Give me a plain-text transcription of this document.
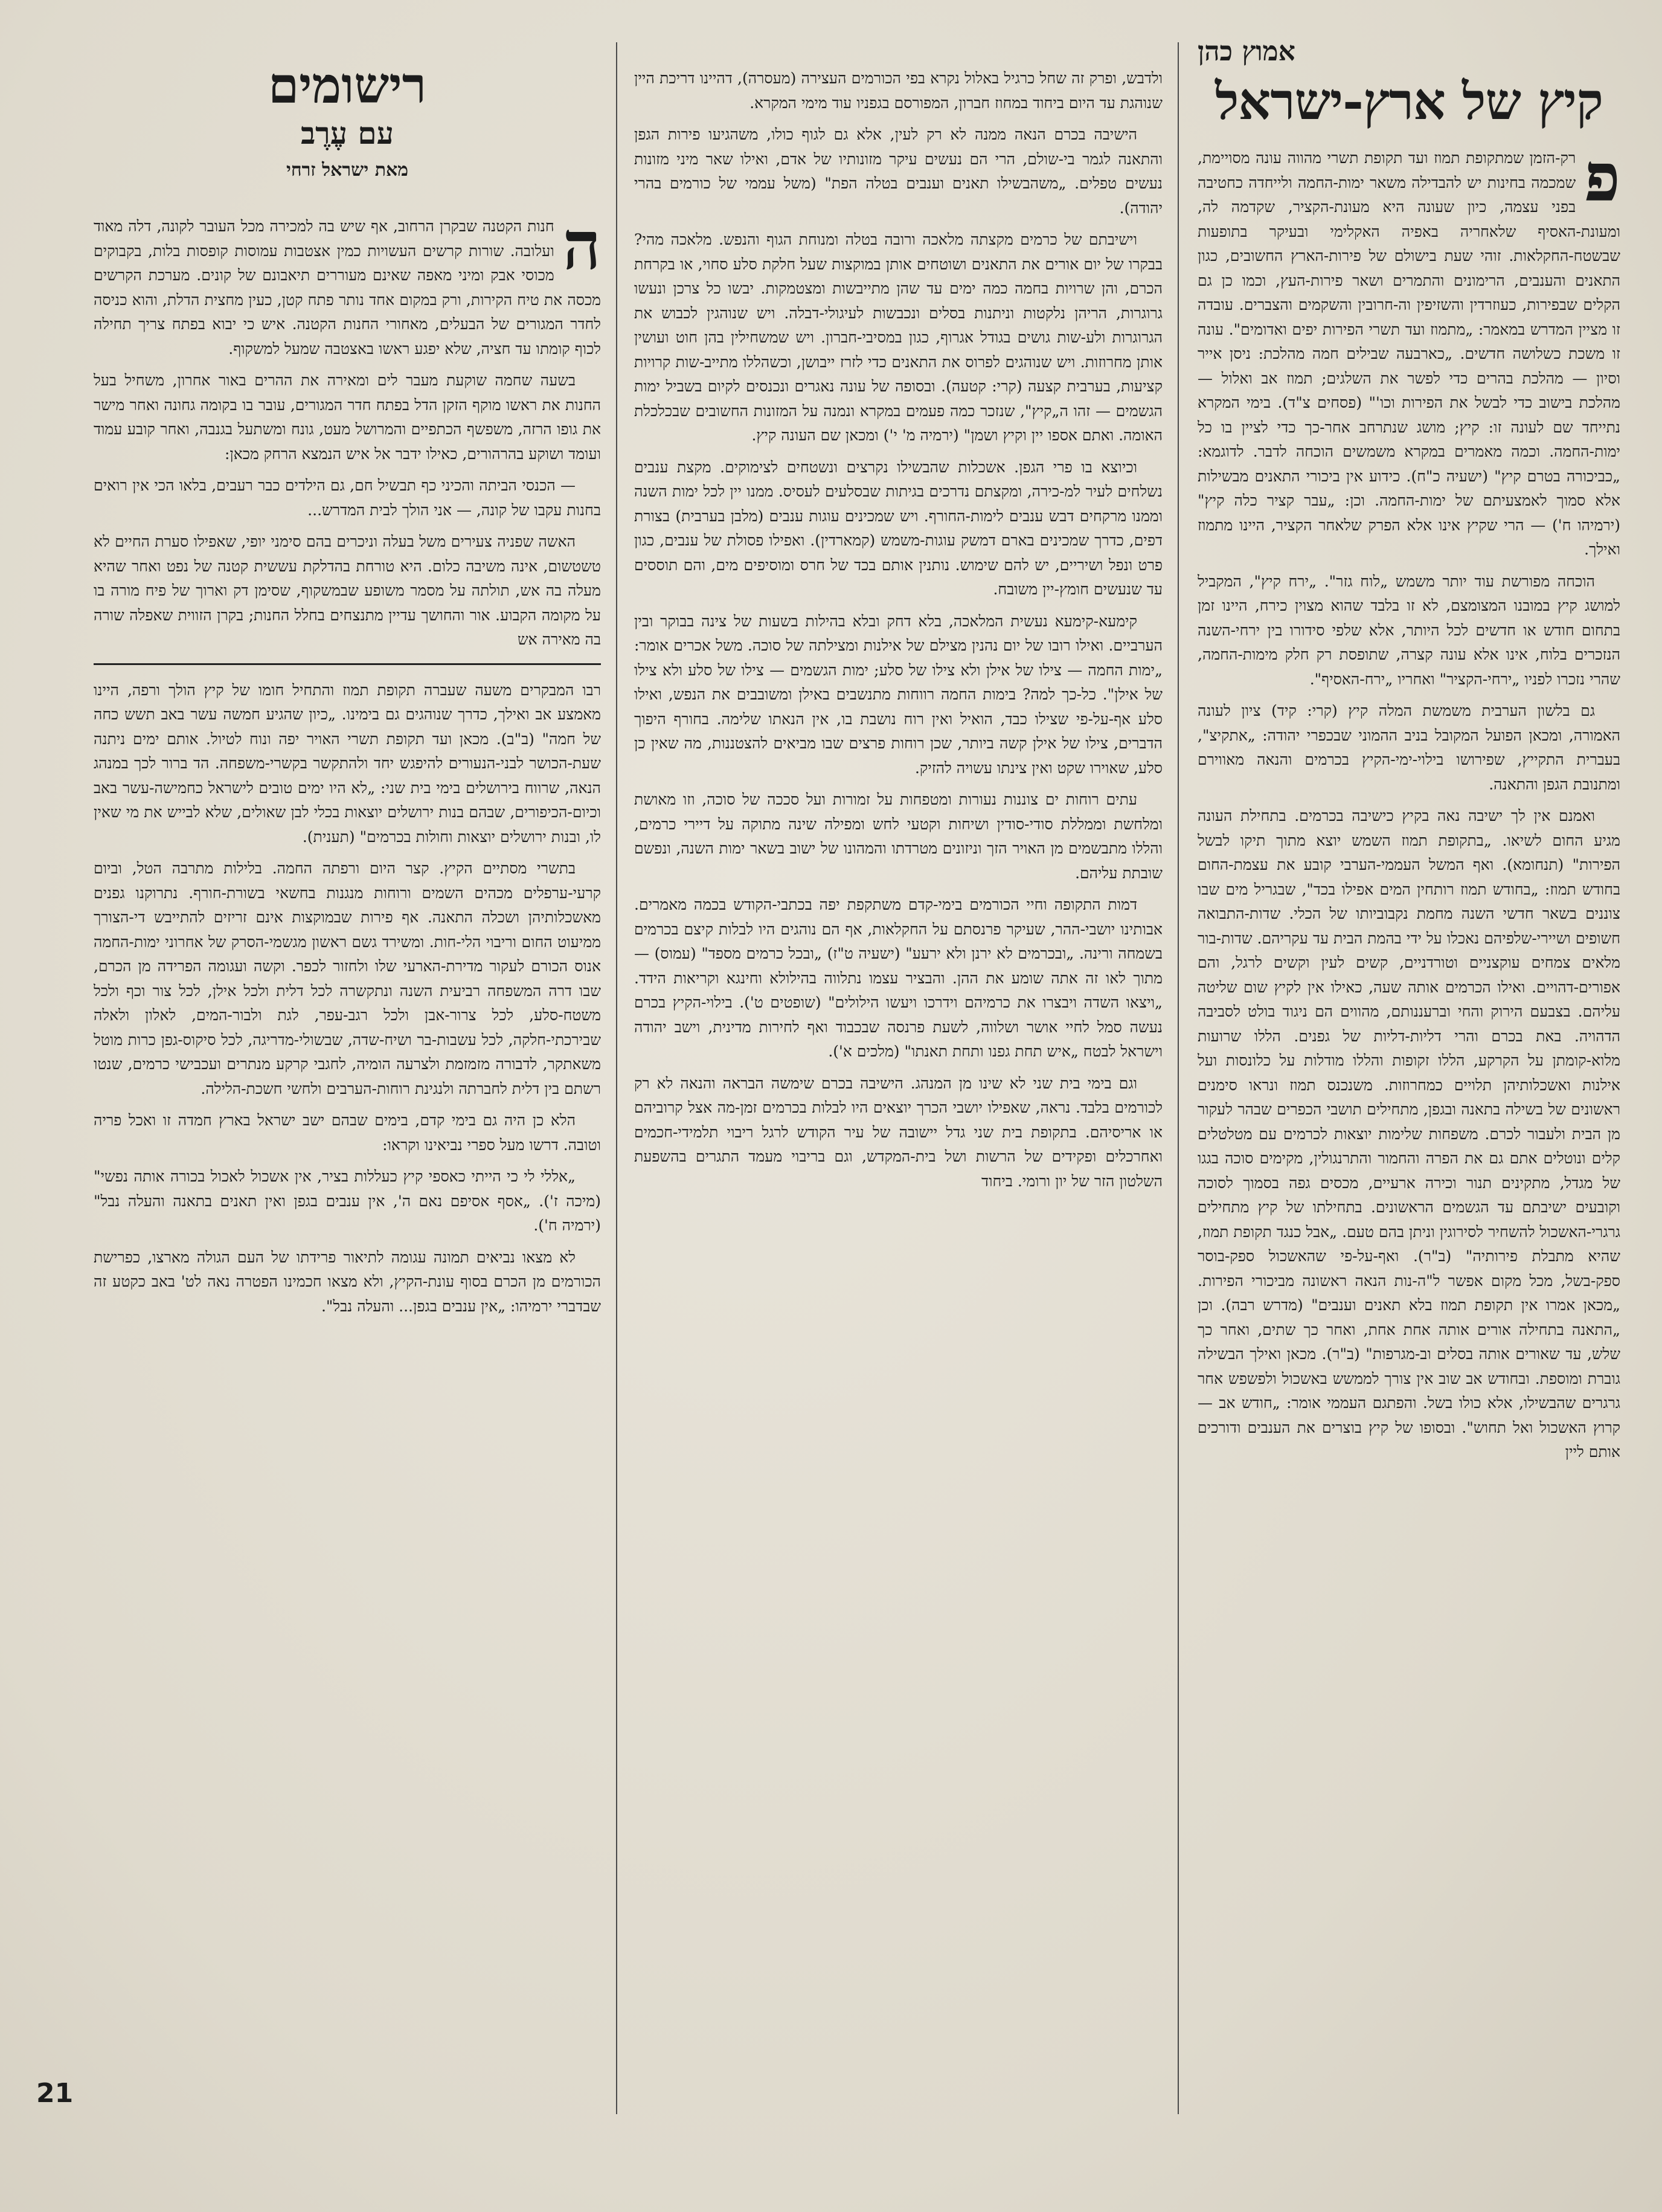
אמוץ כהן
קיץ של ארץ-ישראל

פ
רק-הזמן שמתקופת תמוז ועד תקופת תשרי מהווה עונה מסויימת, שמכמה בחינות יש להבדילה משאר ימות-החמה ולייחדה כחטיבה בפני עצמה, כיון שעונה היא מעונת-הקציר, שקדמה לה, ומעונת-האסיף שלאחריה באפיה האקלימי ובעיקר בתופעות שבשטח-החקלאות. זוהי שעת בישולם של פירות-הארץ החשובים, כגון התאנים והענבים, הרימונים והתמרים ושאר פירות-העץ, וכמו כן גם הקלים שבפירות, כעוזרדין והשזיפין וה-חרובין והשקמים והצברים. עובדה זו מציין המדרש במאמר: „מתמוז ועד תשרי הפירות יפים ואדומים". עונה זו משכת כשלושה חדשים. „כארבעה שבילים חמה מהלכת: ניסן אייר וסיון — מהלכת בהרים כדי לפשר את השלגים; תמוז אב ואלול — מהלכת בישוב כדי לבשל את הפירות וכו'" (פסחים צ"ד). בימי המקרא נתייחד שם לעונה זו: קיץ; מושג שנתרחב אחר-כך כדי לציין בו כל ימות-החמה. וכמה מאמרים במקרא משמשים הוכחה לדבר. לדוגמא: „כביכורה בטרם קיץ" (ישעיה כ"ח). כידוע אין ביכורי התאנים מבשילות אלא סמוך לאמצעיתם של ימות-החמה. וכן: „עבר קציר כלה קיץ" (ירמיהו ח') — הרי שקיץ אינו אלא הפרק שלאחר הקציר, היינו מתמוז ואילך.

הוכחה מפורשת עוד יותר משמש „לוח גזר". „ירח קיץ", המקביל למושג קיץ במובנו המצומצם, לא זו בלבד שהוא מצוין כירח, היינו זמן בתחום חודש או חדשים לכל היותר, אלא שלפי סידורו בין ירחי-השנה הנזכרים בלוח, אינו אלא עונה קצרה, שתופסת רק חלק מימות-החמה, שהרי נזכרו לפניו „ירחי-הקציר" ואחריו „ירח-האסיף".

גם בלשון הערבית משמשת המלה קיץ (קרי: קיד) ציון לעונה האמורה, ומכאן הפועל המקובל בניב ההמוני שבכפרי יהודה: „אתקיצ", בעברית התקייץ, שפירושו בילוי-ימי-הקיץ בכרמים והנאה מאווירם ומתנובת הגפן והתאנה.

ואמנם אין לך ישיבה נאה בקיץ כישיבה בכרמים. בתחילת העונה מגיע החום לשיאו. „בתקופת תמוז השמש יוצא מתוך תיקו לבשל הפירות" (תנחומא). ואף המשל העממי-הערבי קובע את עצמת-החום בחודש תמוז: „בחודש תמוז רותחין המים אפילו בכד", שבגריל מים שבו צוננים בשאר חדשי השנה מחמת נקבוביותו של הכלי. שדות-התבואה חשופים ושיירי-שלפיהם נאכלו על ידי בהמת הבית עד עקריהם. שדות-בור מלאים צמחים עוקצניים וטורדניים, קשים לעין וקשים לרגל, והם אפורים-דהויים. ואילו הכרמים אותה שעה, כאילו אין לקיץ שום שליטה עליהם. בצבעם הירוק והחי וברעננותם, מהווים הם ניגוד בולט לסביבה הדהויה. באת בכרם והרי דליות-דליות של גפנים. הללו שרועות מלוא-קומתן על הקרקע, הללו זקופות והללו מודלות על כלונסות ועל אילנות ואשכלותיהן תלויים כמחרוזות. משנכנס תמוז ונראו סימנים ראשונים של בשילה בתאנה ובגפן, מתחילים תושבי הכפרים שבהר לעקור מן הבית ולעבור לכרם. משפחות שלימות יוצאות לכרמים עם מטלטלים קלים ונוטלים אתם גם את הפרה והחמור והתרנגולין, מקימים סוכה בגגו של מגדל, מתקינים תנור וכירה ארעיים, מכסים גפה בסמוך לסוכה וקובעים ישיבתם עד הגשמים הראשונים. בתחילתו של קיץ מתחילים גרגרי-האשכול להשחיר לסירוגין וניתן בהם טעם. „אבל כנגד תקופת תמוז, שהיא מתבלת פירותיה" (ב"ר). ואף-על-פי שהאשכול ספק-בוסר ספק-בשל, מכל מקום אפשר ל"ה-נות הנאה ראשונה מביכורי הפירות. „מכאן אמרו אין תקופת תמוז בלא תאנים וענבים" (מדרש רבה). וכן „התאנה בתחילה אורים אותה אחת אחת, ואחר כך שתים, ואחר כך שלש, עד שאורים אותה בסלים וב-מגרפות" (ב"ר). מכאן ואילך הבשילה גוברת ומוספת. ובחודש אב שוב אין צורך לממשש באשכול ולפשפש אחר גרגרים שהבשילו, אלא כולו בשל. והפתגם העממי אומר: „חודש אב — קרוץ האשכול ואל תחוש". ובסופו של קיץ בוצרים את הענבים ודורכים אותם ליין

ולדבש, ופרק זה שחל כרגיל באלול נקרא בפי הכורמים העצירה (מעסרה), דהיינו דריכת היין שנוהגת עד היום ביחוד במחוז חברון, המפורסם בגפניו עוד מימי המקרא.

הישיבה בכרם הנאה ממנה לא רק לעין, אלא גם לגוף כולו, משהגיעו פירות הגפן והתאנה לגמר בי-שולם, הרי הם נעשים עיקר מזונותיו של אדם, ואילו שאר מיני מזונות נעשים טפלים. „משהבשילו תאנים וענבים בטלה הפת" (משל עממי של כורמים בהרי יהודה).

וישיבתם של כרמים מקצתה מלאכה ורובה בטלה ומנוחת הגוף והנפש. מלאכה מהי? בבקרו של יום אורים את התאנים ושוטחים אותן במוקצות שעל חלקת סלע סחוי, או בקרחת הכרם, והן שרויות בחמה כמה ימים עד שהן מתייבשות ומצטמקות. יבשו כל צרכן ונעשו גרוגרות, הריהן נלקטות וניתנות בסלים ונכבשות לעיגולי-דבלה. ויש שנוהגין לכבוש את הגרוגרות ולע-שות גושים בגודל אגרוף, כגון במסיבי-חברון. ויש שמשחילין בהן חוט ועושין אותן מחרוזות. ויש שנוהגים לפרוס את התאנים כדי לזרז ייבושן, וכשהללו מתייב-שות קרויות קציעות, בערבית קצעה (קרי: קטעה). ובסופה של עונה נאגרים ונכנסים לקיום בשביל ימות הגשמים — זהו ה„קיץ", שנזכר כמה פעמים במקרא ונמנה על המזונות החשובים שבכלכלת האומה. ואתם אספו יין וקיץ ושמן" (ירמיה מ' י') ומכאן שם העונה קיץ.

וכיוצא בו פרי הגפן. אשכלות שהבשילו נקרצים ונשטחים לצימוקים. מקצת ענבים נשלחים לעיר למ-כירה, ומקצתם נדרכים בגיתות שבסלעים לעסיס. ממנו יין לכל ימות השנה וממנו מרקחים דבש ענבים לימות-החורף. ויש שמכינים עוגות ענבים (מלבן בערבית) בצורת דפים, כדרך שמכינים בארם דמשק עוגות-משמש (קמארדין). ואפילו פסולת של ענבים, כגון פרט ונפל ושיריים, יש להם שימוש. נותנין אותם בכד של חרס ומוסיפים מים, והם תוססים עד שנעשים חומץ-יין משובח.

קימעא-קימעא נעשית המלאכה, בלא דחק ובלא בהילות בשעות של צינה בבוקר ובין הערביים. ואילו רובו של יום נהנין מצילם של אילנות ומצילתה של סוכה. משל אכרים אומר: „ימות החמה — צילו של אילן ולא צילו של סלע; ימות הגשמים — צילו של סלע ולא צילו של אילן". כל-כך למה? בימות החמה רווחות מתנשבים באילן ומשובבים את הנפש, ואילו סלע אף-על-פי שצילו כבד, הואיל ואין רוח נושבת בו, אין הנאתו שלימה. בחורף היפוך הדברים, צילו של אילן קשה ביותר, שכן רוחות פרצים שבו מביאים להצטננות, מה שאין כן סלע, שאוירו שקט ואין צינתו עשויה להזיק.

עתים רוחות ים צוננות נעורות ומטפחות על זמורות ועל סככה של סוכה, וזו מאושת ומלחשת וממללת סודי-סודין ושיחות וקטעי לחש ומפילה שינה מתוקה על דיירי כרמים, והללו מתבשמים מן האויר הזך וניזונים מטרדתו והמהונו של ישוב בשאר ימות השנה, ונפשם שובתת עליהם.

דמות התקופה וחיי הכורמים בימי-קדם משתקפת יפה בכתבי-הקודש בכמה מאמרים. אבותינו יושבי-ההר, שעיקר פרנסתם על החקלאות, אף הם נוהגים היו לבלות קיצם בכרמים בשמחה ורינה. „ובכרמים לא ירנן ולא ירעע" (ישעיה ט"ז) „ובכל כרמים מספד" (עמוס) — מתוך לאו זה אתה שומע את ההן. והבציר עצמו נתלווה בהילולא וחינגא וקריאות הידד. „ויצאו השדה ויבצרו את כרמיהם וידרכו ויעשו הילולים" (שופטים ט'). בילוי-הקיץ בכרם נעשה סמל לחיי אושר ושלווה, לשעת פרנסה שבכבוד ואף לחירות מדינית, וישב יהודה וישראל לבטח „איש תחת גפנו ותחת תאנתו" (מלכים א').

וגם בימי בית שני לא שינו מן המנהג. הישיבה בכרם שימשה הבראה והנאה לא רק לכורמים בלבד. נראה, שאפילו יושבי הכרך יוצאים היו לבלות בכרמים זמן-מה אצל קרוביהם או אריסיהם. בתקופת בית שני גדל יישובה של עיר הקודש לרגל ריבוי תלמידי-חכמים ואחרכלים ופקידים של הרשות ושל בית-המקדש, וגם בריבוי מעמד התגרים בהשפעת השלטון הזר של יון ורומי. ביחוד

רישומים
עם עֶרֶב
מאת ישראל זרחי

ה
חנות הקטנה שבקרן הרחוב, אף שיש בה למכירה מכל העובר לקונה, דלה מאוד ועלובה. שורות קרשים העשויות כמין אצטבות עמוסות קופסות בלות, בקבוקים מכוסי אבק ומיני מאפה שאינם מעוררים תיאבונם של קונים. מערכת הקרשים מכסה את טיח הקירות, ורק במקום אחד נותר פתח קטן, כעין מחצית הדלת, והוא כניסה לחדר המגורים של הבעלים, מאחורי החנות הקטנה. איש כי יבוא בפתח צריך תחילה לכוף קומתו עד חציה, שלא יפגע ראשו באצטבה שמעל למשקוף.

בשעה שחמה שוקעת מעבר לים ומאירה את ההרים באור אחרון, משחיל בעל החנות את ראשו מוקף הזקן הדל בפתח חדר המגורים, עובר בו בקומה גחונה ואחר מישר את גופו הרזה, משפשף הכתפיים והמרושל מעט, גונח ומשתעל בגנבה, ואחר קובע עמוד ועומד ושוקע בהרהורים, כאילו ידבר אל איש הנמצא הרחק מכאן:

— הכנסי הביתה והכיני כף תבשיל חם, גם הילדים כבר רעבים, בלאו הכי אין רואים בחנות עקבו של קונה, — אני הולך לבית המדרש...

האשה שפניה צעירים משל בעלה וניכרים בהם סימני יופי, שאפילו סערת החיים לא טשטשום, אינה משיבה כלום. היא טורחת בהדלקת עששית קטנה של נפט ואחר שהיא מעלה בה אש, תולתה על מסמר משופע שבמשקוף, שסימן דק וארוך של פיח מורה בו על מקומה הקבוע. אור והחושך עדיין מתנצחים בחלל החנות; בקרן הזווית שאפלה שורה בה מאירה אש

רבו המבקרים משעה שעברה תקופת תמוז והתחיל חומו של קיץ הולך ורפה, היינו מאמצע אב ואילך, כדרך שנוהגים גם בימינו. „כיון שהגיע חמשה עשר באב תשש כחה של חמה" (ב"ב). מכאן ועד תקופת תשרי האויר יפה ונוח לטיול. אותם ימים ניתנה שעת-הכושר לבני-הנעורים להיפגש יחד ולהתקשר בקשרי-משפחה. הד ברור לכך במנהג הנאה, שרווח בירושלים בימי בית שני: „לא היו ימים טובים לישראל כחמישה-עשר באב וכיום-הכיפורים, שבהם בנות ירושלים יוצאות בכלי לבן שאולים, שלא לבייש את מי שאין לו, ובנות ירושלים יוצאות וחולות בכרמים" (תענית).

בתשרי מסתיים הקיץ. קצר היום ורפתה החמה. בלילות מתרבה הטל, וביום קרעי-ערפלים מכהים השמים ורוחות מנגנות בחשאי בשורת-חורף. נתרוקנו גפנים מאשכלותיהן ושכלה התאנה. אף פירות שבמוקצות אינם זריזים להתייבש די-הצורך ממיעוט החום וריבוי הלי-חות. ומשירד גשם ראשון מגשמי-הסרק של אחרוני ימות-החמה אנוס הכורם לעקור מדירת-הארעי שלו ולחזור לכפר. וקשה ועגומה הפרידה מן הכרם, שבו דרה המשפחה רביעית השנה ונתקשרה לכל דלית ולכל אילן, לכל צור וכף ולכל משטח-סלע, לכל צרור-אבן ולכל רגב-עפר, לגת ולבור-המים, לאלון ולאלה שבירכתי-חלקה, לכל עשבות-בר ושיח-שדה, שבשולי-מדריגה, לכל סיקוס-גפן כרות מוטל משאתקר, לדבורה מזמזמת ולצרעה הומיה, לחגבי קרקע מנתרים ועכבישי כרמים, שנטו רשתם בין דלית לחברתה ולנגינת רוחות-הערבים ולחשי חשכת-הלילה.

הלא כן היה גם בימי קדם, בימים שבהם ישב ישראל בארץ חמדה זו ואכל פריה וטובה. דרשו מעל ספרי נביאינו וקראו:

„אללי לי כי הייתי כאספי קיץ כעללות בציר, אין אשכול לאכול בכורה אותה נפשי" (מיכה ז'). „אסף אסיפם נאם ה', אין ענבים בגפן ואין תאנים בתאנה והעלה נבל" (ירמיה ח').

לא מצאו נביאים תמונה עגומה לתיאור פרידתו של העם הגולה מארצו, כפרישת הכורמים מן הכרם בסוף עונת-הקיץ, ולא מצאו חכמינו הפטרה נאה לט' באב כקטע זה שבדברי ירמיהו: „אין ענבים בגפן... והעלה נבל".

21
